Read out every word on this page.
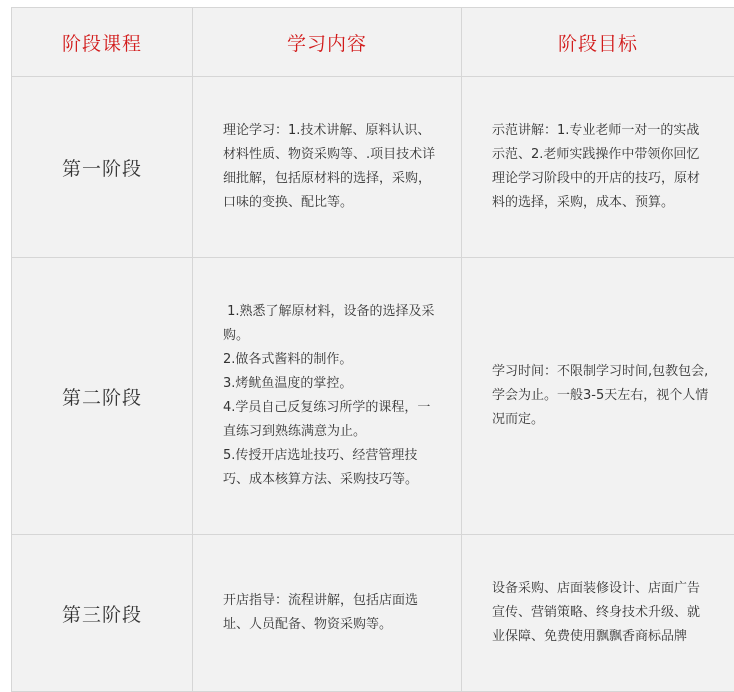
阶段课程	学习内容	阶段目标
第一阶段	理论学习：1.技术讲解、原料认识、材料性质、物资采购等、.项目技术详细批解，包括原材料的选择，采购，口味的变换、配比等。	示范讲解：1.专业老师一对一的实战示范、2.老师实践操作中带领你回忆理论学习阶段中的开店的技巧，原材料的选择，采购，成本、预算。
第二阶段	1.熟悉了解原材料，设备的选择及采购。
2.做各式酱料的制作。
3.烤鱿鱼温度的掌控。
4.学员自己反复练习所学的课程，一直练习到熟练满意为止。
5.传授开店选址技巧、经营管理技巧、成本核算方法、采购技巧等。	学习时间：不限制学习时间,包教包会,学会为止。一般3-5天左右，视个人情况而定。
第三阶段	开店指导：流程讲解，包括店面选址、人员配备、物资采购等。	设备采购、店面装修设计、店面广告宣传、营销策略、终身技术升级、就业保障、免费使用飘飘香商标品牌
